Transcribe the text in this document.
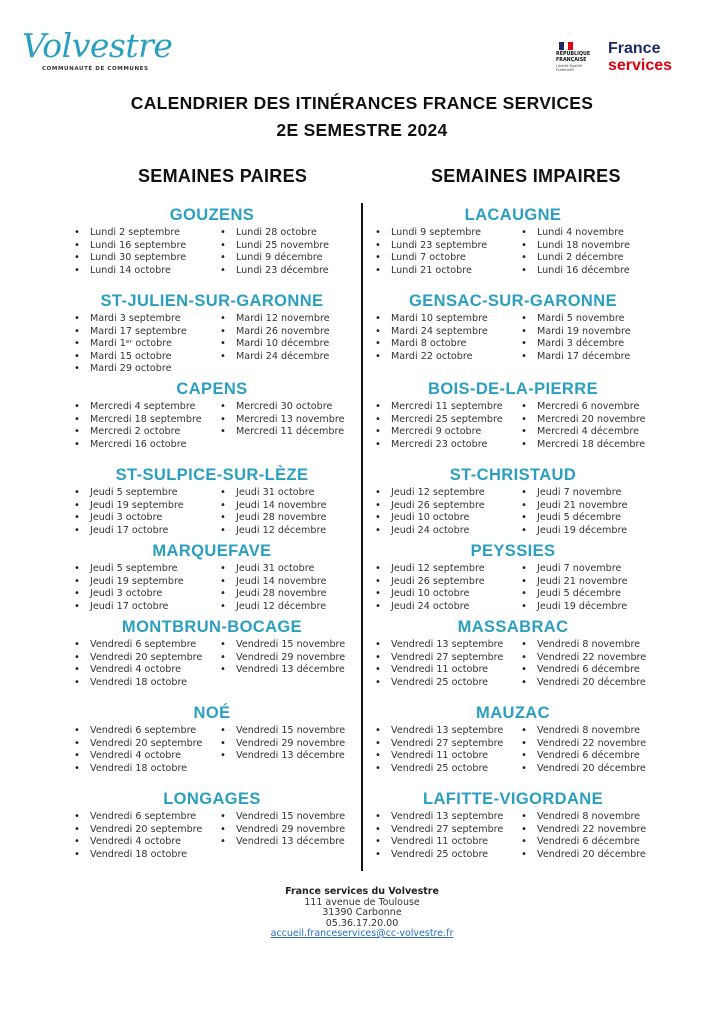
Volvestre
COMMUNAUTÉ DE COMMUNES
RÉPUBLIQUE FRANÇAISE
Liberté Égalité Fraternité
France
services
CALENDRIER DES ITINÉRANCES FRANCE SERVICES
2E SEMESTRE 2024
SEMAINES PAIRES	SEMAINES IMPAIRES
GOUZENS
• Lundi 2 septembre
• Lundi 16 septembre
• Lundi 30 septembre
• Lundi 14 octobre
• Lundi 28 octobre
• Lundi 25 novembre
• Lundi 9 décembre
• Lundi 23 décembre
ST-JULIEN-SUR-GARONNE
• Mardi 3 septembre
• Mardi 17 septembre
• Mardi 1ᵉʳ octobre
• Mardi 15 octobre
• Mardi 29 octobre
• Mardi 12 novembre
• Mardi 26 novembre
• Mardi 10 décembre
• Mardi 24 décembre
CAPENS
• Mercredi 4 septembre
• Mercredi 18 septembre
• Mercredi 2 octobre
• Mercredi 16 octobre
• Mercredi 30 octobre
• Mercredi 13 novembre
• Mercredi 11 décembre
ST-SULPICE-SUR-LÈZE
• Jeudi 5 septembre
• Jeudi 19 septembre
• Jeudi 3 octobre
• Jeudi 17 octobre
• Jeudi 31 octobre
• Jeudi 14 novembre
• Jeudi 28 novembre
• Jeudi 12 décembre
MARQUEFAVE
• Jeudi 5 septembre
• Jeudi 19 septembre
• Jeudi 3 octobre
• Jeudi 17 octobre
• Jeudi 31 octobre
• Jeudi 14 novembre
• Jeudi 28 novembre
• Jeudi 12 décembre
MONTBRUN-BOCAGE
• Vendredi 6 septembre
• Vendredi 20 septembre
• Vendredi 4 octobre
• Vendredi 18 octobre
• Vendredi 15 novembre
• Vendredi 29 novembre
• Vendredi 13 décembre
NOÉ
• Vendredi 6 septembre
• Vendredi 20 septembre
• Vendredi 4 octobre
• Vendredi 18 octobre
• Vendredi 15 novembre
• Vendredi 29 novembre
• Vendredi 13 décembre
LONGAGES
• Vendredi 6 septembre
• Vendredi 20 septembre
• Vendredi 4 octobre
• Vendredi 18 octobre
• Vendredi 15 novembre
• Vendredi 29 novembre
• Vendredi 13 décembre
LACAUGNE
• Lundi 9 septembre
• Lundi 23 septembre
• Lundi 7 octobre
• Lundi 21 octobre
• Lundi 4 novembre
• Lundi 18 novembre
• Lundi 2 décembre
• Lundi 16 décembre
GENSAC-SUR-GARONNE
• Mardi 10 septembre
• Mardi 24 septembre
• Mardi 8 octobre
• Mardi 22 octobre
• Mardi 5 novembre
• Mardi 19 novembre
• Mardi 3 décembre
• Mardi 17 décembre
BOIS-DE-LA-PIERRE
• Mercredi 11 septembre
• Mercredi 25 septembre
• Mercredi 9 octobre
• Mercredi 23 octobre
• Mercredi 6 novembre
• Mercredi 20 novembre
• Mercredi 4 décembre
• Mercredi 18 décembre
ST-CHRISTAUD
• Jeudi 12 septembre
• Jeudi 26 septembre
• Jeudi 10 octobre
• Jeudi 24 octobre
• Jeudi 7 novembre
• Jeudi 21 novembre
• Jeudi 5 décembre
• Jeudi 19 décembre
PEYSSIES
• Jeudi 12 septembre
• Jeudi 26 septembre
• Jeudi 10 octobre
• Jeudi 24 octobre
• Jeudi 7 novembre
• Jeudi 21 novembre
• Jeudi 5 décembre
• Jeudi 19 décembre
MASSABRAC
• Vendredi 13 septembre
• Vendredi 27 septembre
• Vendredi 11 octobre
• Vendredi 25 octobre
• Vendredi 8 novembre
• Vendredi 22 novembre
• Vendredi 6 décembre
• Vendredi 20 décembre
MAUZAC
• Vendredi 13 septembre
• Vendredi 27 septembre
• Vendredi 11 octobre
• Vendredi 25 octobre
• Vendredi 8 novembre
• Vendredi 22 novembre
• Vendredi 6 décembre
• Vendredi 20 décembre
LAFITTE-VIGORDANE
• Vendredi 13 septembre
• Vendredi 27 septembre
• Vendredi 11 octobre
• Vendredi 25 octobre
• Vendredi 8 novembre
• Vendredi 22 novembre
• Vendredi 6 décembre
• Vendredi 20 décembre
France services du Volvestre
111 avenue de Toulouse
31390 Carbonne
05.36.17.20.00
accueil.franceservices@cc-volvestre.fr
